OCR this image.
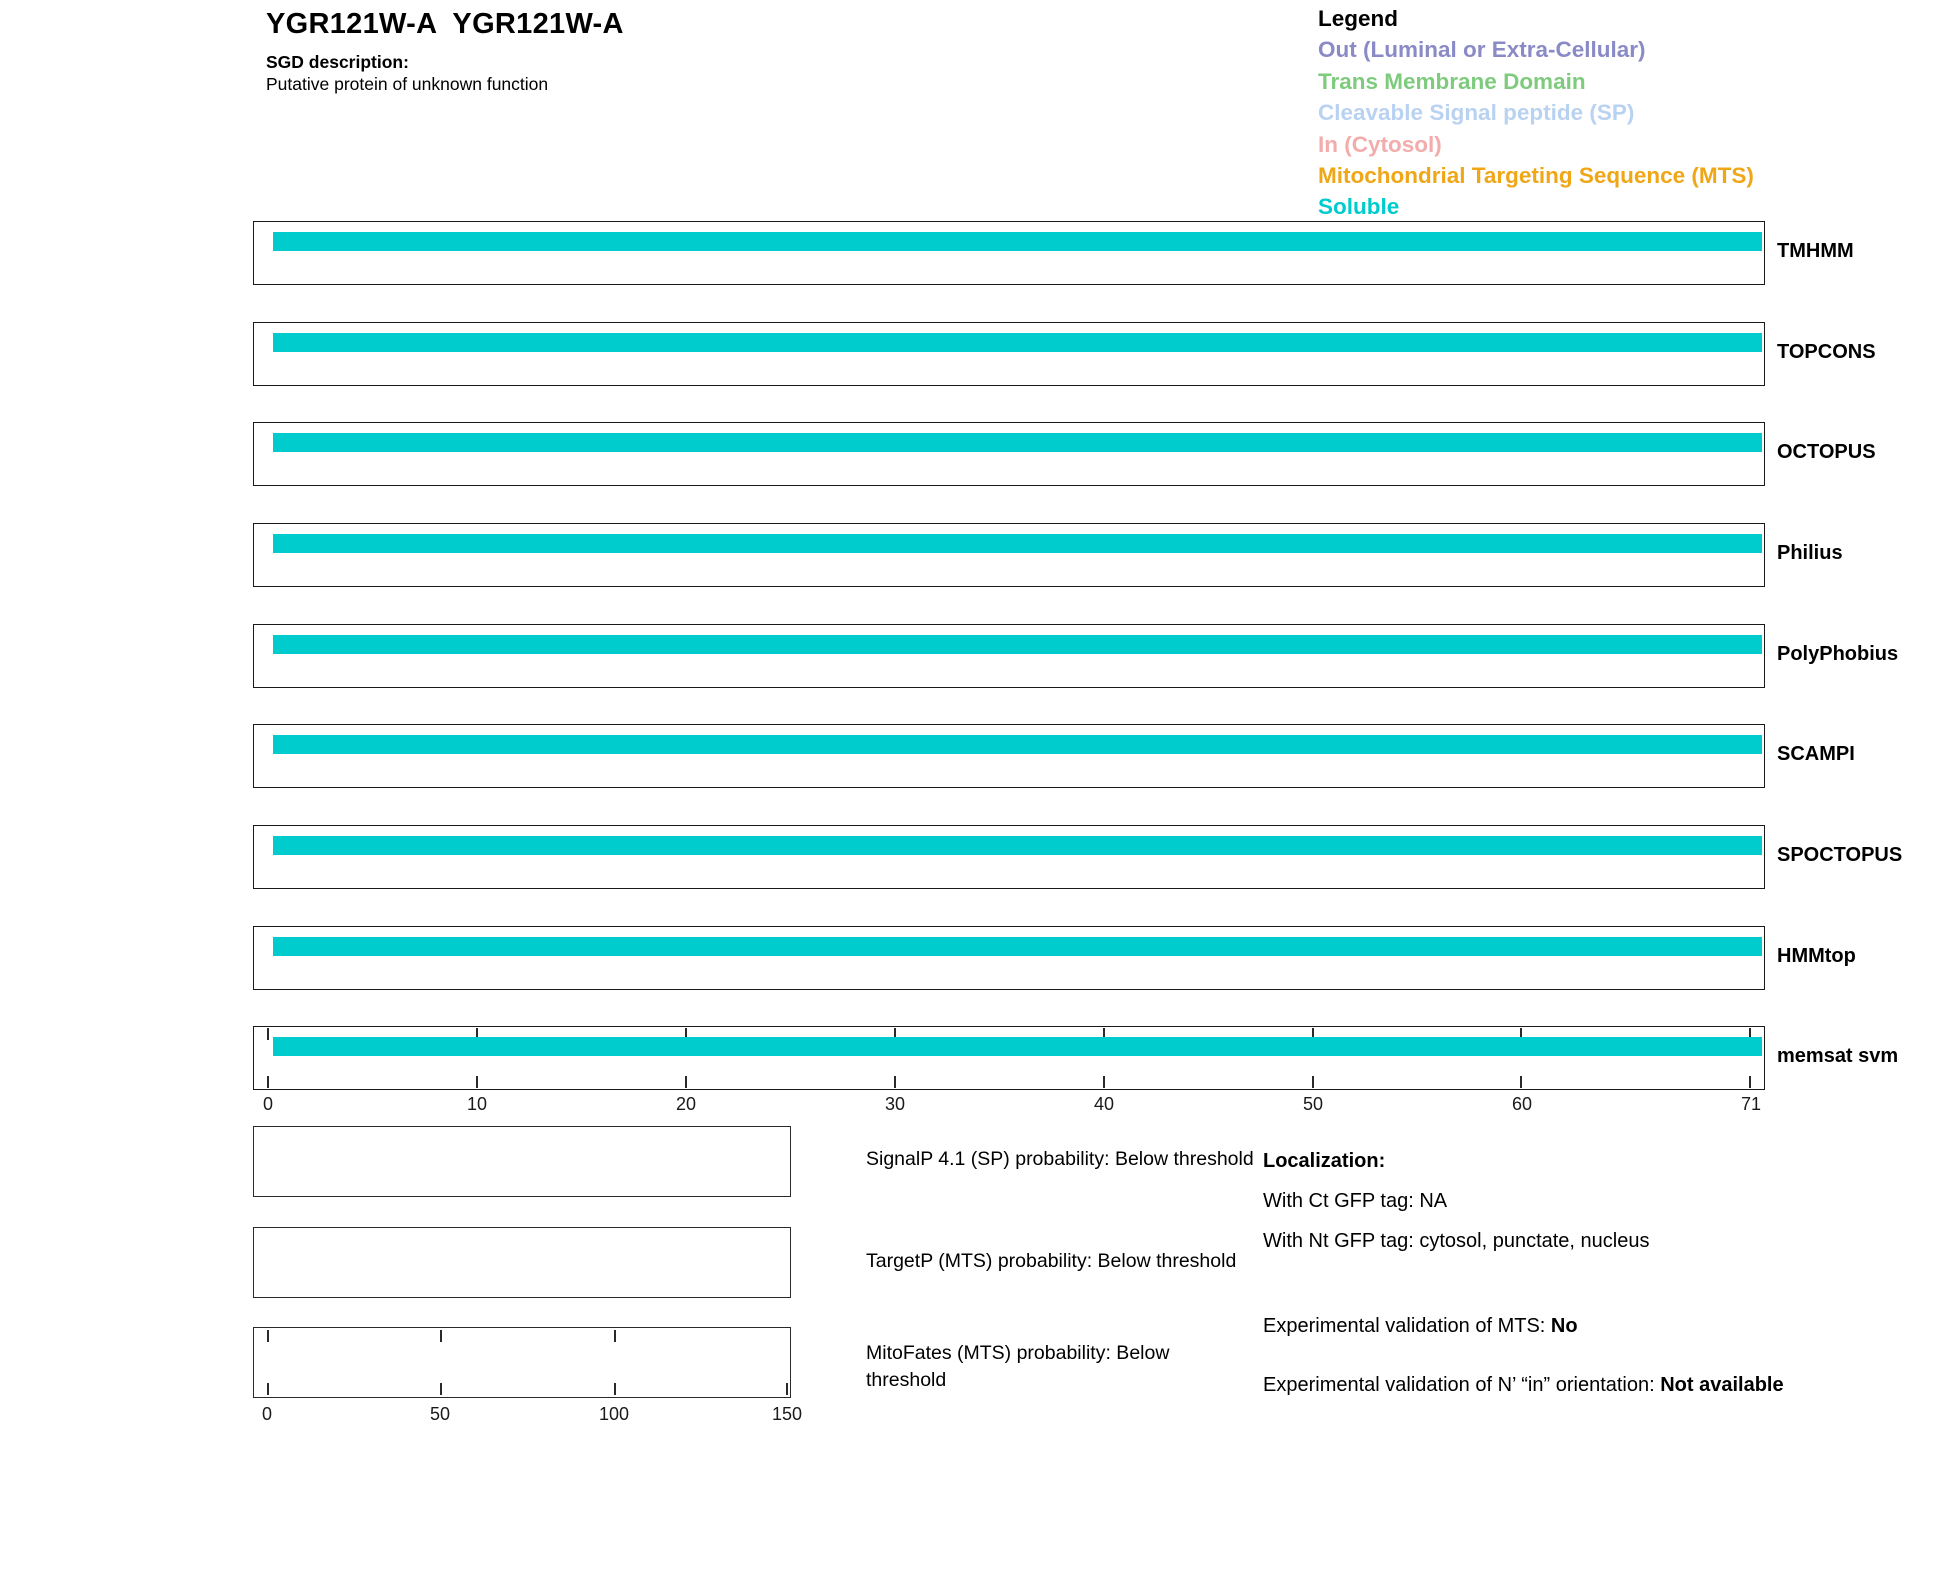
YGR121W-A  YGR121W-A
SGD description:
Putative protein of unknown function
Legend
Out (Luminal or Extra-Cellular)
Trans Membrane Domain
Cleavable Signal peptide (SP)
In (Cytosol)
Mitochondrial Targeting Sequence (MTS)
Soluble
TMHMM
TOPCONS
OCTOPUS
Philius
PolyPhobius
SCAMPI
SPOCTOPUS
HMMtop
memsat svm
0	10	20	30	40	50	60	71
SignalP 4.1 (SP) probability: Below threshold
TargetP (MTS) probability: Below threshold
MitoFates (MTS) probability: Below threshold
0	50	100	150
Localization:
With Ct GFP tag: NA
With Nt GFP tag: cytosol, punctate, nucleus
Experimental validation of MTS: No
Experimental validation of N’ “in” orientation: Not available
